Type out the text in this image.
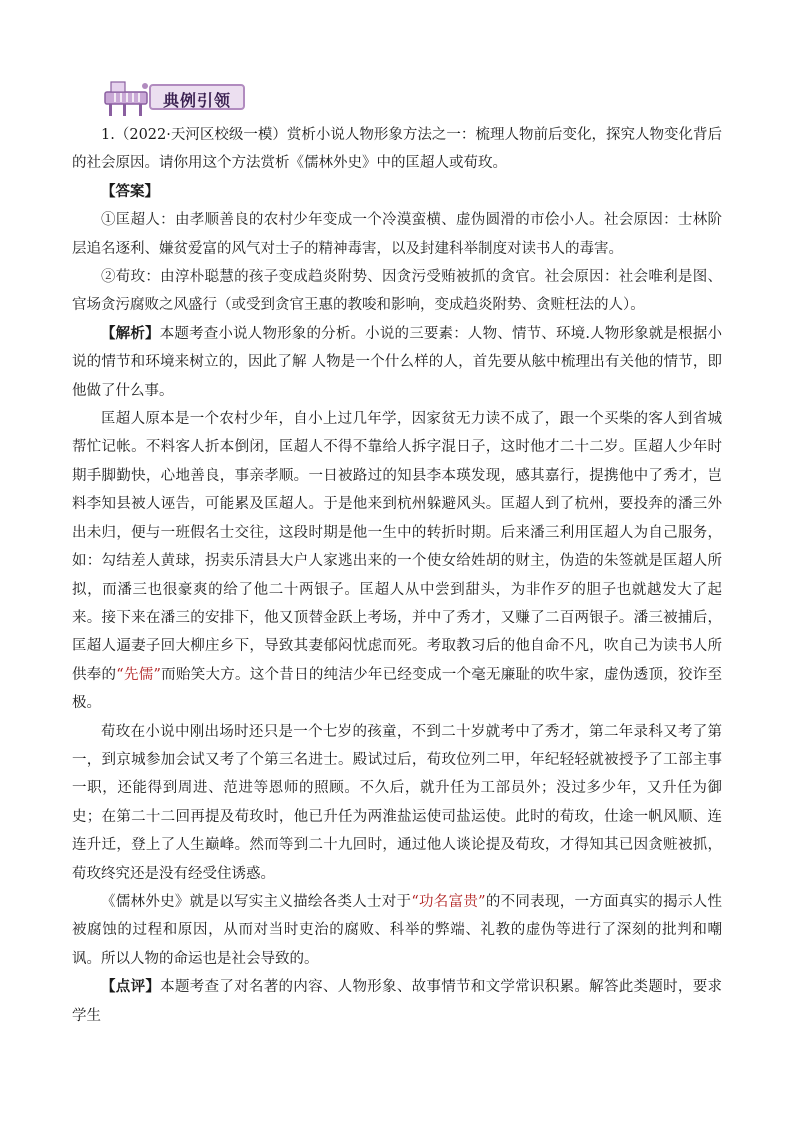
典例引领

1.（2022·天河区校级一模）赏析小说人物形象方法之一：梳理人物前后变化，探究人物变化背后的社会原因。请你用这个方法赏析《儒林外史》中的匡超人或荀玫。

【答案】

①匡超人：由孝顺善良的农村少年变成一个冷漠蛮横、虚伪圆滑的市侩小人。社会原因：士林阶层追名逐利、嫌贫爱富的风气对士子的精神毒害，以及封建科举制度对读书人的毒害。

②荀玫：由淳朴聪慧的孩子变成趋炎附势、因贪污受贿被抓的贪官。社会原因：社会唯利是图、官场贪污腐败之风盛行（或受到贪官王惠的教唆和影响，变成趋炎附势、贪赃枉法的人）。

【解析】本题考查小说人物形象的分析。小说的三要素：人物、情节、环境.人物形象就是根据小说的情节和环境来树立的，因此了解 人物是一个什么样的人，首先要从舷中梳理出有关他的情节，即他做了什么事。

匡超人原本是一个农村少年，自小上过几年学，因家贫无力读不成了，跟一个买柴的客人到省城帮忙记帐。不料客人折本倒闭，匡超人不得不靠给人拆字混日子，这时他才二十二岁。匡超人少年时期手脚勤快，心地善良，事亲孝顺。一日被路过的知县李本瑛发现，感其嘉行，提携他中了秀才，岂料李知县被人诬告，可能累及匡超人。于是他来到杭州躲避风头。匡超人到了杭州，要投奔的潘三外出未归，便与一班假名士交往，这段时期是他一生中的转折时期。后来潘三利用匡超人为自己服务，如：勾结差人黄球，拐卖乐清县大户人家逃出来的一个使女给姓胡的财主，伪造的朱签就是匡超人所拟，而潘三也很豪爽的给了他二十两银子。匡超人从中尝到甜头，为非作歹的胆子也就越发大了起来。接下来在潘三的安排下，他又顶替金跃上考场，并中了秀才，又赚了二百两银子。潘三被捕后，匡超人逼妻子回大柳庄乡下，导致其妻郁闷忧虑而死。考取教习后的他自命不凡，吹自己为读书人所供奉的“先儒”而贻笑大方。这个昔日的纯洁少年已经变成一个毫无廉耻的吹牛家，虚伪透顶，狡诈至极。

荀玫在小说中刚出场时还只是一个七岁的孩童，不到二十岁就考中了秀才，第二年录科又考了第一，到京城参加会试又考了个第三名进士。殿试过后，荀玫位列二甲，年纪轻轻就被授予了工部主事一职，还能得到周进、范进等恩师的照顾。不久后，就升任为工部员外；没过多少年，又升任为御史；在第二十二回再提及荀玫时，他已升任为两淮盐运使司盐运使。此时的荀玫，仕途一帆风顺、连连升迁，登上了人生巅峰。然而等到二十九回时，通过他人谈论提及荀玫，才得知其已因贪赃被抓，荀玫终究还是没有经受住诱惑。

《儒林外史》就是以写实主义描绘各类人士对于“功名富贵”的不同表现，一方面真实的揭示人性被腐蚀的过程和原因，从而对当时吏治的腐败、科举的弊端、礼教的虚伪等进行了深刻的批判和嘲讽。所以人物的命运也是社会导致的。

【点评】本题考查了对名著的内容、人物形象、故事情节和文学常识积累。解答此类题时，要求学生
